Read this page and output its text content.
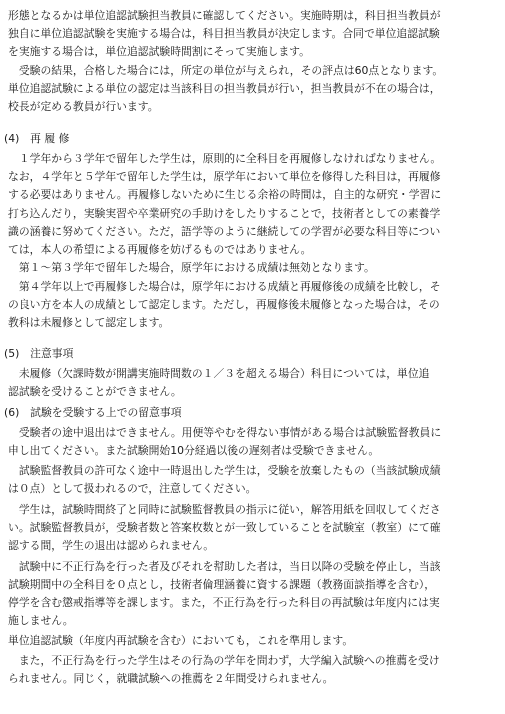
形態となるかは単位追認試験担当教員に確認してください。実施時期は，科目担当教員が

独自に単位追認試験を実施する場合は，科目担当教員が決定します。合同で単位追認試験

を実施する場合は，単位追認試験時間割にそって実施します。

　受験の結果，合格した場合には，所定の単位が与えられ，その評点は60点となります。

単位追認試験による単位の認定は当該科目の担当教員が行い，担当教員が不在の場合は，

校長が定める教員が行います。

(4)　再 履 修

　１学年から３学年で留年した学生は，原則的に全科目を再履修しなければなりません。

なお，４学年と５学年で留年した学生は，原学年において単位を修得した科目は，再履修

する必要はありません。再履修しないために生じる余裕の時間は，自主的な研究・学習に

打ち込んだり，実験実習や卒業研究の手助けをしたりすることで，技術者としての素養学

識の涵養に努めてください。ただ，語学等のように継続しての学習が必要な科目等につい

ては，本人の希望による再履修を妨げるものではありません。

　第１～第３学年で留年した場合，原学年における成績は無効となります。

　第４学年以上で再履修した場合は，原学年における成績と再履修後の成績を比較し，そ

の良い方を本人の成績として認定します。ただし，再履修後未履修となった場合は，その

教科は未履修として認定します。

(5)　注意事項

　未履修（欠課時数が開講実施時間数の１／３を超える場合）科目については，単位追

認試験を受けることができません。

(6)　試験を受験する上での留意事項

　受験者の途中退出はできません。用便等やむを得ない事情がある場合は試験監督教員に

申し出てください。また試験開始10分経過以後の遅刻者は受験できません。

　試験監督教員の許可なく途中一時退出した学生は，受験を放棄したもの（当該試験成績

は０点）として扱われるので，注意してください。

　学生は，試験時間終了と同時に試験監督教員の指示に従い，解答用紙を回収してくださ

い。試験監督教員が，受験者数と答案枚数とが一致していることを試験室（教室）にて確

認する間，学生の退出は認められません。

　試験中に不正行為を行った者及びそれを幇助した者は，当日以降の受験を停止し，当該

試験期間中の全科目を０点とし，技術者倫理涵養に資する課題（教務面談指導を含む），

停学を含む懲戒指導等を課します。また，不正行為を行った科目の再試験は年度内には実

施しません。

単位追認試験（年度内再試験を含む）においても，これを準用します。

　また，不正行為を行った学生はその行為の学年を問わず，大学編入試験への推薦を受け

られません。同じく，就職試験への推薦を２年間受けられません。
